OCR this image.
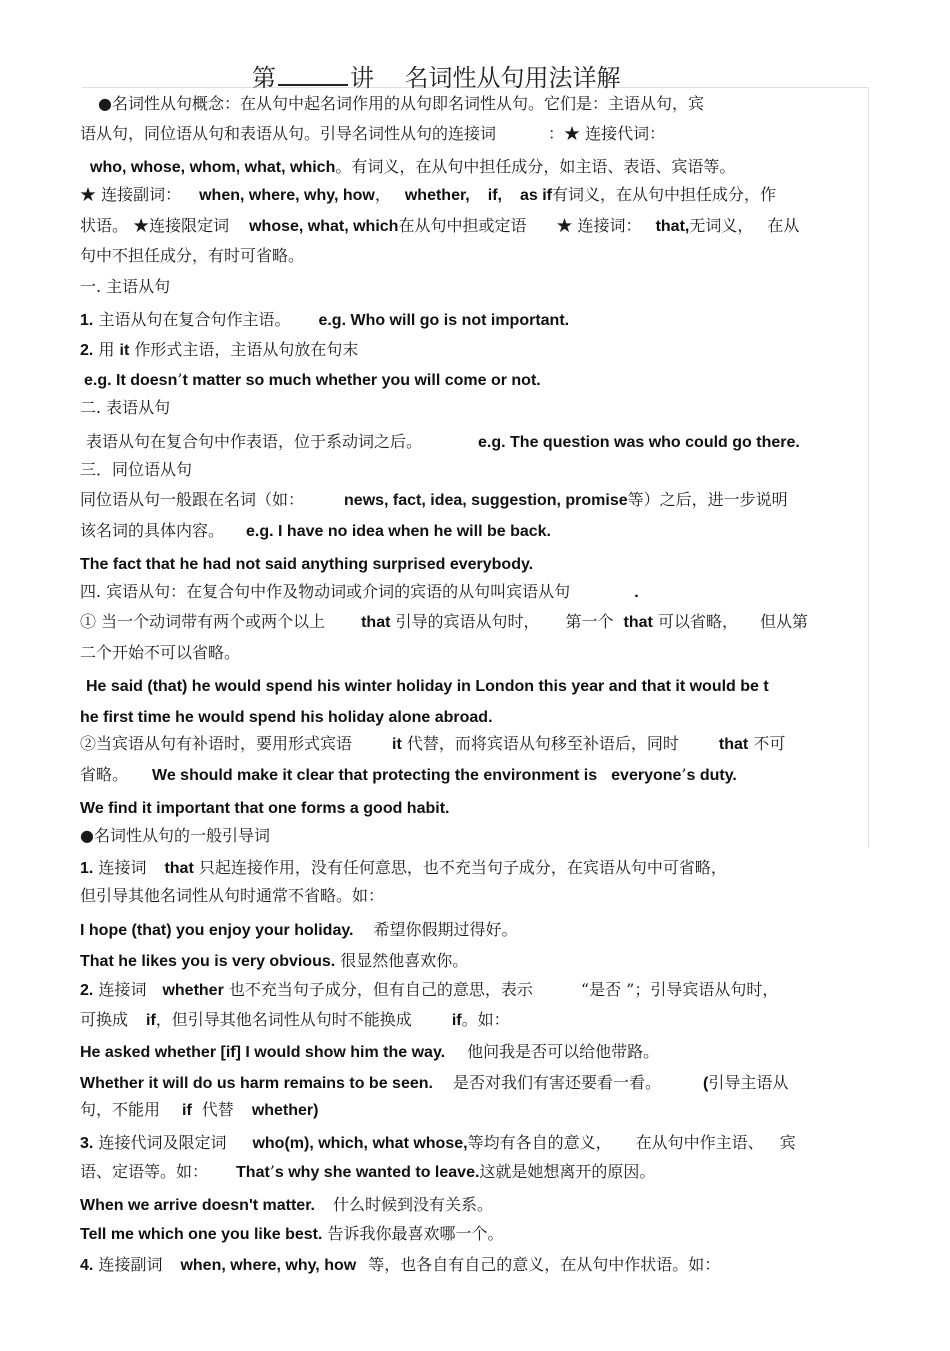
第	讲 名词性从句用法详解
●名词性从句概念：在从句中起名词作用的从句即名词性从句。它们是：主语从句，宾
语从句，同位语从句和表语从句。引导名词性从句的连接词	：★ 连接代词：
who, whose, whom, what, which。有词义，在从句中担任成分，如主语、表语、宾语等。
★ 连接副词： when, where, why, how， whether, if, as if有词义，在从句中担任成分，作
状语。 ★连接限定词 whose, what, which在从句中担或定语 ★ 连接词： that,无词义， 在从
句中不担任成分，有时可省略。
一. 主语从句
1. 主语从句在复合句作主语。 e.g. Who will go is not important.
2. 用 it 作形式主语，主语从句放在句末
e.g. It doesn’t matter so much whether you will come or not.
二. 表语从句
表语从句在复合句中作表语，位于系动词之后。	e.g. The question was who could go there.
三．同位语从句
同位语从句一般跟在名词（如：	news, fact, idea, suggestion, promise等）之后，进一步说明
该名词的具体内容。 e.g. I have no idea when he will be back.
The fact that he had not said anything surprised everybody.
四. 宾语从句：在复合句中作及物动词或介词的宾语的从句叫宾语从句	.
① 当一个动词带有两个或两个以上 that 引导的宾语从句时， 第一个 that 可以省略， 但从第
二个开始不可以省略。
He said (that) he would spend his winter holiday in London this year and that it would be t
he first time he would spend his holiday alone abroad.
②当宾语从句有补语时，要用形式宾语	it 代替，而将宾语从句移至补语后，同时	that 不可
省略。 We should make it clear that protecting the environment is everyone’s duty.
We find it important that one forms a good habit.
●名词性从句的一般引导词
1. 连接词 that 只起连接作用，没有任何意思，也不充当句子成分，在宾语从句中可省略，
但引导其他名词性从句时通常不省略。如：
I hope (that) you enjoy your holiday. 希望你假期过得好。
That he likes you is very obvious. 很显然他喜欢你。
2. 连接词 whether 也不充当句子成分，但有自己的意思，表示	“是否 ”；引导宾语从句时，
可换成 if，但引导其他名词性从句时不能换成	if。如：
He asked whether [if] I would show him the way. 他问我是否可以给他带路。
Whether it will do us harm remains to be seen. 是否对我们有害还要看一看。	(引导主语从
句，不能用 if 代替 whether)
3. 连接代词及限定词 who(m), which, what whose,等均有各自的意义， 在从句中作主语、 宾
语、定语等。如： That’s why she wanted to leave.这就是她想离开的原因。
When we arrive doesn't matter. 什么时候到没有关系。
Tell me which one you like best. 告诉我你最喜欢哪一个。
4. 连接副词 when, where, why, how 等，也各自有自己的意义，在从句中作状语。如：
